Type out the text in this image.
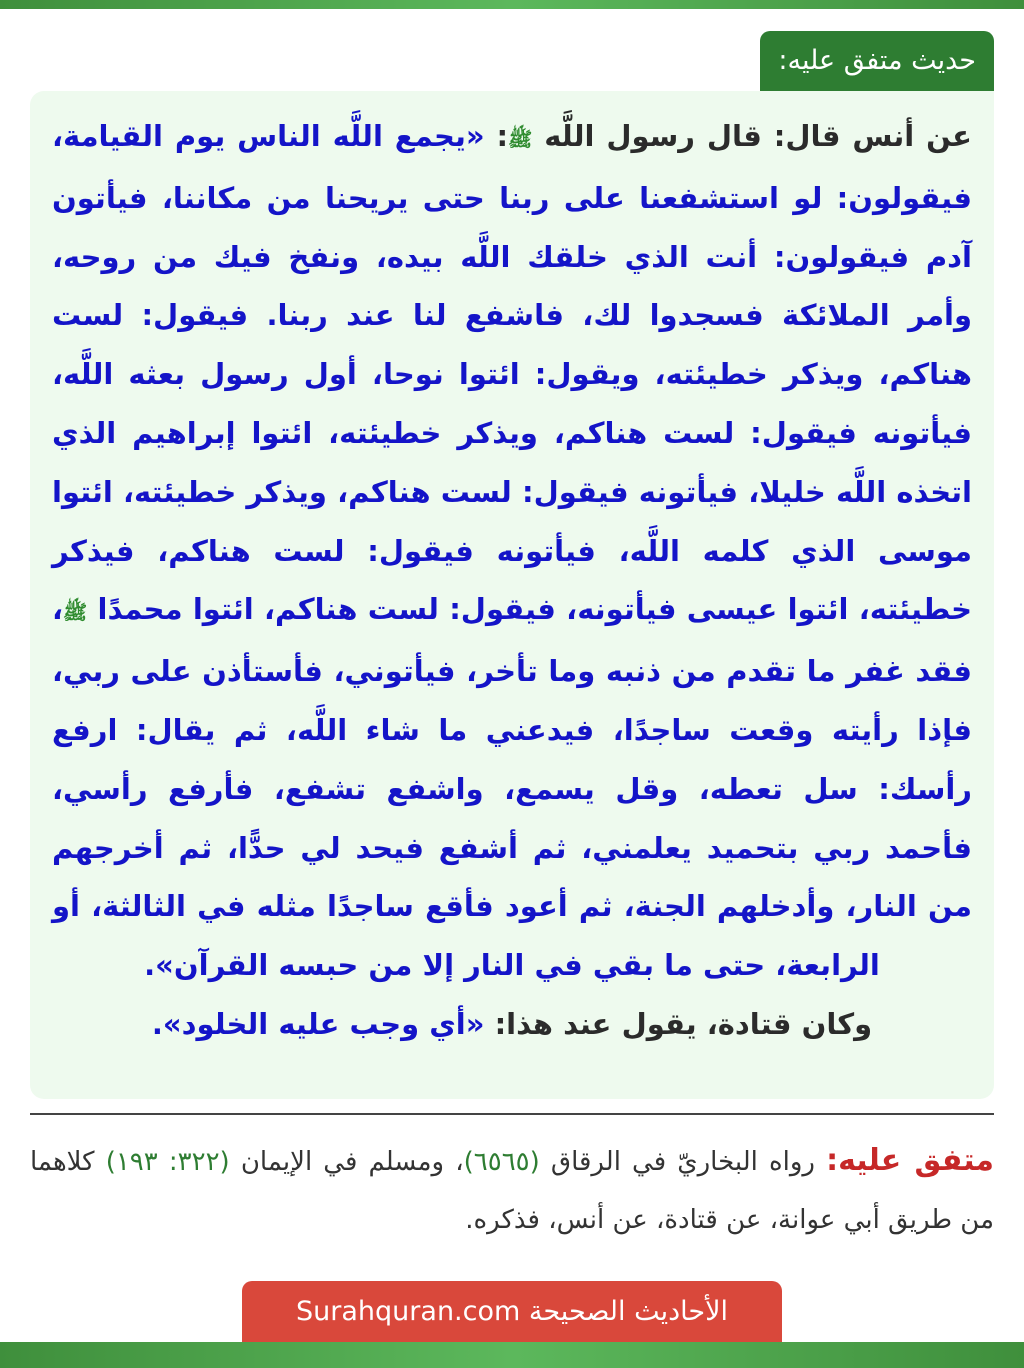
حديث متفق عليه:

عن أنس قال: قال رسول اللَّه ﷺ: «يجمع اللَّه الناس يوم القيامة، فيقولون: لو استشفعنا على ربنا حتى يريحنا من مكاننا، فيأتون آدم فيقولون: أنت الذي خلقك اللَّه بيده، ونفخ فيك من روحه، وأمر الملائكة فسجدوا لك، فاشفع لنا عند ربنا. فيقول: لست هناكم، ويذكر خطيئته، ويقول: ائتوا نوحا، أول رسول بعثه اللَّه، فيأتونه فيقول: لست هناكم، ويذكر خطيئته، ائتوا إبراهيم الذي اتخذه اللَّه خليلا، فيأتونه فيقول: لست هناكم، ويذكر خطيئته، ائتوا موسى الذي كلمه اللَّه، فيأتونه فيقول: لست هناكم، فيذكر خطيئته، ائتوا عيسى فيأتونه، فيقول: لست هناكم، ائتوا محمدًا ﷺ، فقد غفر ما تقدم من ذنبه وما تأخر، فيأتوني، فأستأذن على ربي، فإذا رأيته وقعت ساجدًا، فيدعني ما شاء اللَّه، ثم يقال: ارفع رأسك: سل تعطه، وقل يسمع، واشفع تشفع، فأرفع رأسي، فأحمد ربي بتحميد يعلمني، ثم أشفع فيحد لي حدًّا، ثم أخرجهم من النار، وأدخلهم الجنة، ثم أعود فأقع ساجدًا مثله في الثالثة، أو الرابعة، حتى ما بقي في النار إلا من حبسه القرآن».
وكان قتادة، يقول عند هذا: «أي وجب عليه الخلود».

متفق عليه: رواه البخاريّ في الرقاق (٦٥٦٥)، ومسلم في الإيمان (٣٢٢: ١٩٣) كلاهما من طريق أبي عوانة، عن قتادة، عن أنس، فذكره.

الأحاديث الصحيحة Surahquran.com
